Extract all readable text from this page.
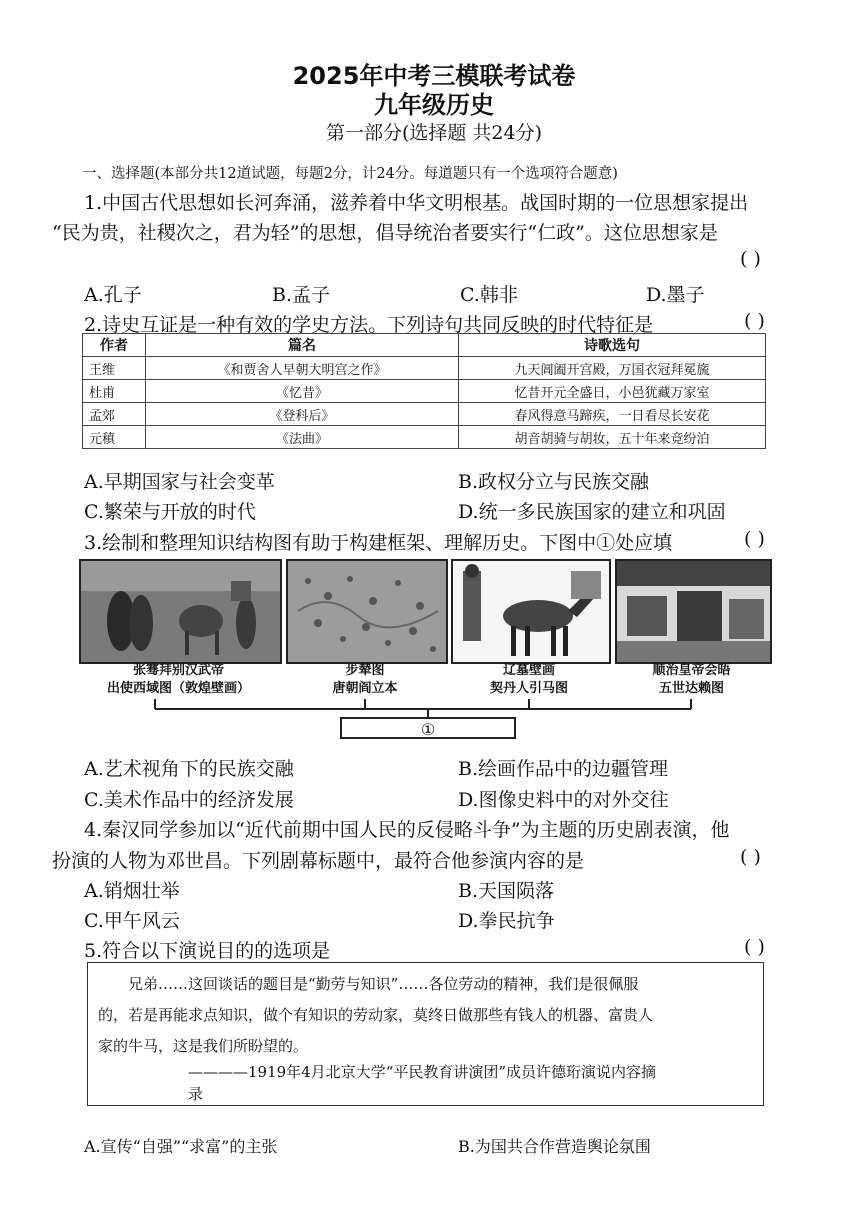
2025年中考三模联考试卷
九年级历史
第一部分(选择题 共24分)
一、选择题(本部分共12道试题，每题2分，计24分。每道题只有一个选项符合题意)
1.中国古代思想如长河奔涌，滋养着中华文明根基。战国时期的一位思想家提出
“民为贵，社稷次之，君为轻”的思想，倡导统治者要实行“仁政”。这位思想家是
( )
A.孔子	B.孟子	C.韩非	D.墨子
2.诗史互证是一种有效的学史方法。下列诗句共同反映的时代特征是	( )
作者	篇名	诗歌选句
王维	《和贾舍人早朝大明宫之作》	九天阊阖开宫殿，万国衣冠拜冕旒
杜甫	《忆昔》	忆昔开元全盛日，小邑犹藏万家室
孟郊	《登科后》	春风得意马蹄疾，一日看尽长安花
元稹	《法曲》	胡音胡骑与胡妆，五十年来竞纷泊
A.早期国家与社会变革	B.政权分立与民族交融
C.繁荣与开放的时代	D.统一多民族国家的建立和巩固
3.绘制和整理知识结构图有助于构建框架、理解历史。下图中①处应填	( )
张骞拜别汉武帝
出使西域图（敦煌壁画）
步辇图
唐朝阎立本
辽墓壁画
契丹人引马图
顺治皇帝会晤
五世达赖图
①
A.艺术视角下的民族交融	B.绘画作品中的边疆管理
C.美术作品中的经济发展	D.图像史料中的对外交往
4.秦汉同学参加以“近代前期中国人民的反侵略斗争”为主题的历史剧表演，他
扮演的人物为邓世昌。下列剧幕标题中，最符合他参演内容的是	( )
A.销烟壮举	B.天国陨落
C.甲午风云	D.拳民抗争
5.符合以下演说目的的选项是	( )
兄弟……这回谈话的题目是“勤劳与知识”……各位劳动的精神，我们是很佩服
的，若是再能求点知识，做个有知识的劳动家，莫终日做那些有钱人的机器、富贵人
家的牛马，这是我们所盼望的。
————1919年4月北京大学“平民教育讲演团”成员许德珩演说内容摘
录
A.宣传“自强”“求富”的主张	B.为国共合作营造舆论氛围
